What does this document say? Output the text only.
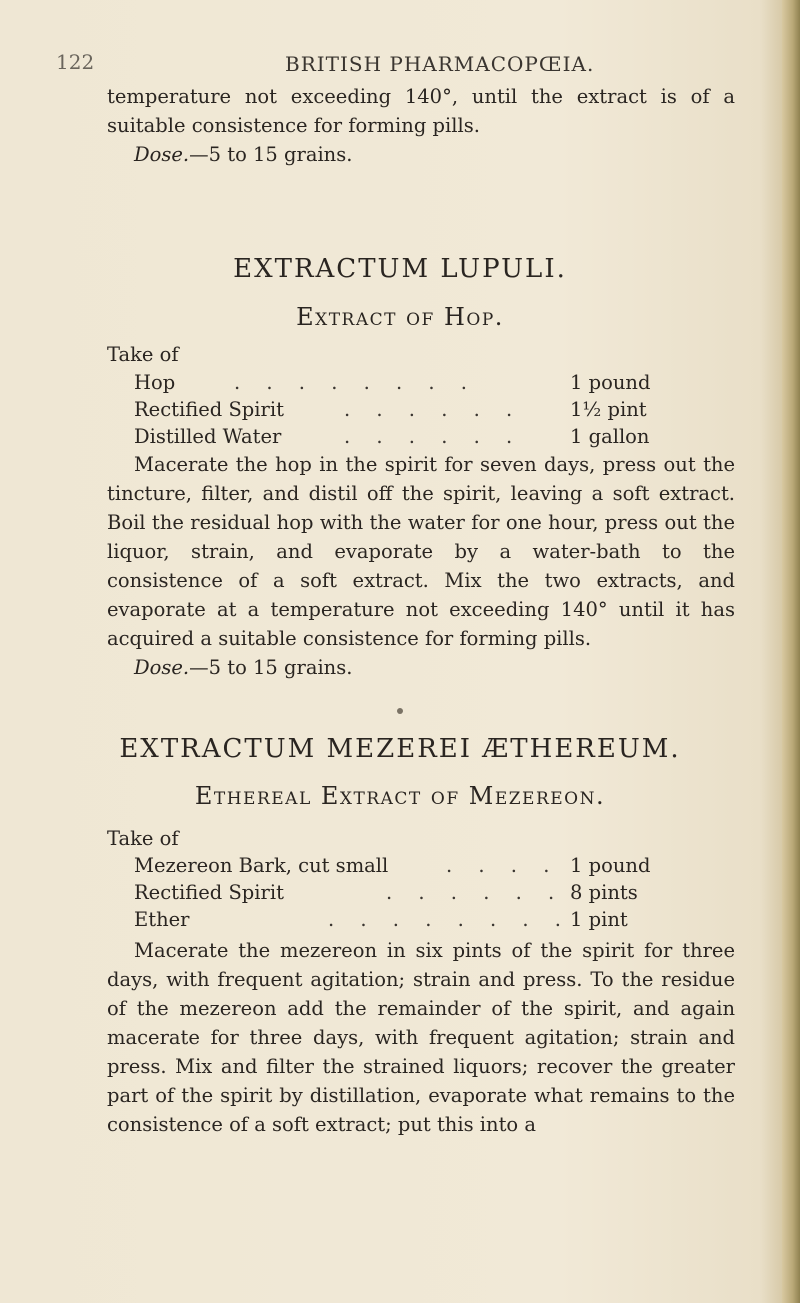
122	BRITISH PHARMACOPŒIA.

temperature not exceeding 140°, until the extract is of a suitable consistence for forming pills.

Dose.—5 to 15 grains.
EXTRACTUM LUPULI.
Extract of Hop.
Take of
Hop	. . . . . . . .	1 pound
Rectified Spirit	. . . . . . 1½ pint
Distilled Water	. . . . . . 1 gallon

Macerate the hop in the spirit for seven days, press out the tincture, filter, and distil off the spirit, leaving a soft extract. Boil the residual hop with the water for one hour, press out the liquor, strain, and evaporate by a water-bath to the consistence of a soft extract. Mix the two extracts, and evaporate at a temperature not exceeding 140° until it has acquired a suitable consistence for forming pills.

Dose.—5 to 15 grains.
EXTRACTUM MEZEREI ÆTHEREUM.
Ethereal Extract of Mezereon.
Take of
Mezereon Bark, cut small	. . . . 1 pound
Rectified Spirit	. . . . . . 8 pints
Ether	. . . . . . . . 1 pint

Macerate the mezereon in six pints of the spirit for three days, with frequent agitation; strain and press. To the residue of the mezereon add the remainder of the spirit, and again macerate for three days, with frequent agitation; strain and press. Mix and filter the strained liquors; recover the greater part of the spirit by distillation, evaporate what remains to the consistence of a soft extract; put this into a
